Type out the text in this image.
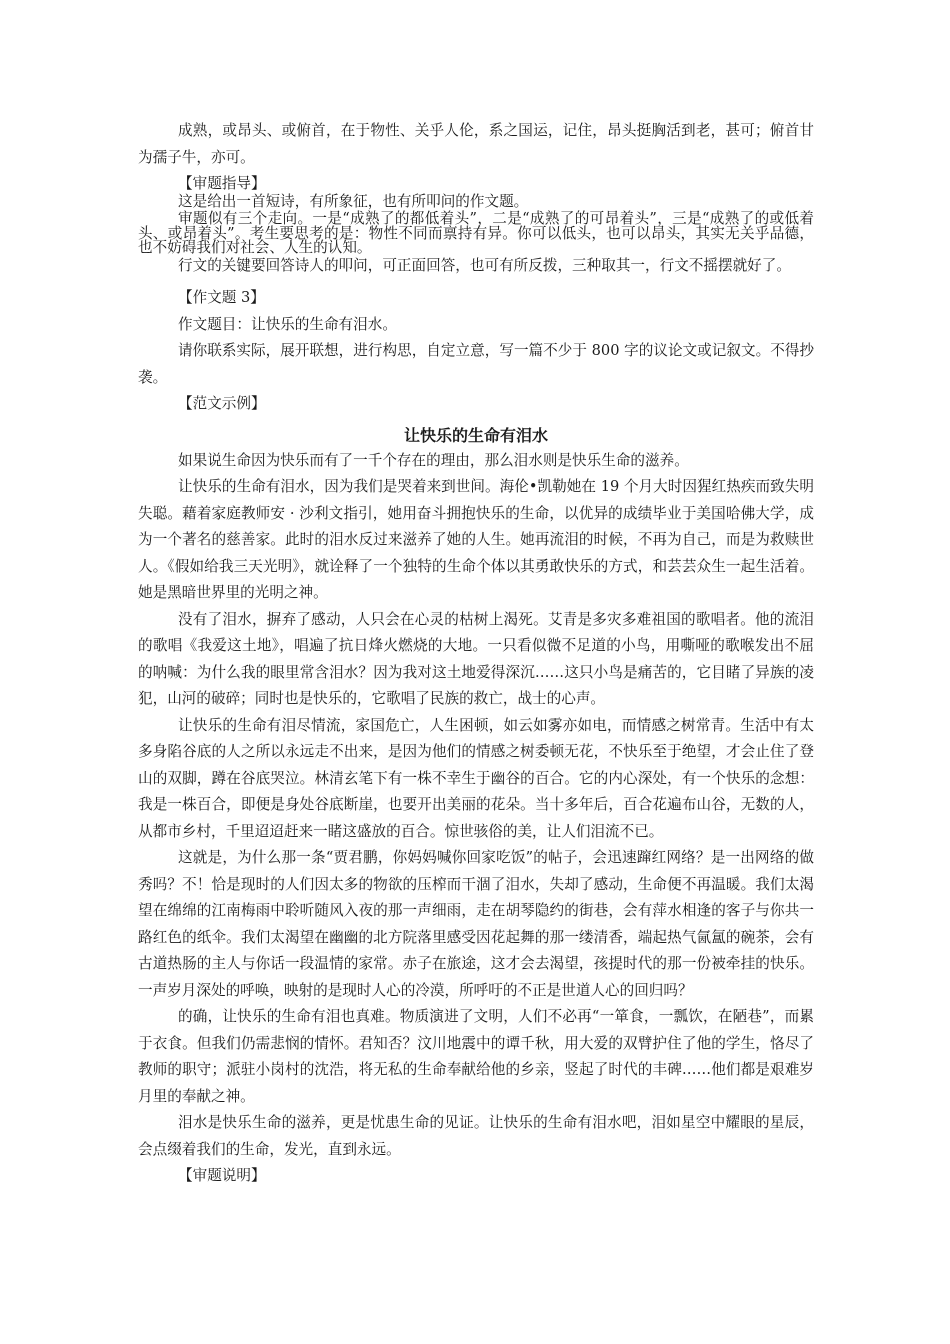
成熟，或昂头、或俯首，在于物性、关乎人伦，系之国运，记住，昂头挺胸活到老，甚可；俯首甘为孺子牛，亦可。

【审题指导】

这是给出一首短诗，有所象征，也有所叩问的作文题。

审题似有三个走向。一是“成熟了的都低着头”，二是“成熟了的可昂着头”，三是“成熟了的或低着头、或昂着头”。考生要思考的是：物性不同而禀持有异。你可以低头，也可以昂头，其实无关乎品德，也不妨碍我们对社会、人生的认知。

行文的关键要回答诗人的叩问，可正面回答，也可有所反拨，三种取其一，行文不摇摆就好了。

【作文题 3】

作文题目：让快乐的生命有泪水。

请你联系实际，展开联想，进行构思，自定立意，写一篇不少于 800 字的议论文或记叙文。不得抄袭。

【范文示例】

让快乐的生命有泪水

如果说生命因为快乐而有了一千个存在的理由，那么泪水则是快乐生命的滋养。

让快乐的生命有泪水，因为我们是哭着来到世间。海伦•凯勒她在 19 个月大时因猩红热疾而致失明失聪。藉着家庭教师安 · 沙利文指引，她用奋斗拥抱快乐的生命，以优异的成绩毕业于美国哈佛大学，成为一个著名的慈善家。此时的泪水反过来滋养了她的人生。她再流泪的时候，不再为自己，而是为救赎世人。《假如给我三天光明》，就诠释了一个独特的生命个体以其勇敢快乐的方式，和芸芸众生一起生活着。她是黑暗世界里的光明之神。

没有了泪水，摒弃了感动，人只会在心灵的枯树上渴死。艾青是多灾多难祖国的歌唱者。他的流泪的歌唱《我爱这土地》，唱遍了抗日烽火燃烧的大地。一只看似微不足道的小鸟，用嘶哑的歌喉发出不屈的呐喊：为什么我的眼里常含泪水？因为我对这土地爱得深沉……这只小鸟是痛苦的，它目睹了异族的凌犯，山河的破碎；同时也是快乐的，它歌唱了民族的救亡，战士的心声。

让快乐的生命有泪尽情流，家国危亡，人生困顿，如云如雾亦如电，而情感之树常青。生活中有太多身陷谷底的人之所以永远走不出来，是因为他们的情感之树委顿无花，不快乐至于绝望，才会止住了登山的双脚，蹲在谷底哭泣。林清玄笔下有一株不幸生于幽谷的百合。它的内心深处，有一个快乐的念想：我是一株百合，即便是身处谷底断崖，也要开出美丽的花朵。当十多年后，百合花遍布山谷，无数的人，从都市乡村，千里迢迢赶来一睹这盛放的百合。惊世骇俗的美，让人们泪流不已。

这就是，为什么那一条“贾君鹏，你妈妈喊你回家吃饭”的帖子，会迅速蹿红网络？是一出网络的做秀吗？不！恰是现时的人们因太多的物欲的压榨而干涸了泪水，失却了感动，生命便不再温暖。我们太渴望在绵绵的江南梅雨中聆听随风入夜的那一声细雨，走在胡琴隐约的街巷，会有萍水相逢的客子与你共一路红色的纸伞。我们太渴望在幽幽的北方院落里感受因花起舞的那一缕清香，端起热气氤氲的碗茶，会有古道热肠的主人与你话一段温情的家常。赤子在旅途，这才会去渴望，孩提时代的那一份被牵挂的快乐。一声岁月深处的呼唤，映射的是现时人心的冷漠，所呼吁的不正是世道人心的回归吗？

的确，让快乐的生命有泪也真难。物质演进了文明，人们不必再“一箪食，一瓢饮，在陋巷”，而累于衣食。但我们仍需悲悯的情怀。君知否？汶川地震中的谭千秋，用大爱的双臂护住了他的学生，恪尽了教师的职守；派驻小岗村的沈浩，将无私的生命奉献给他的乡亲，竖起了时代的丰碑……他们都是艰难岁月里的奉献之神。

泪水是快乐生命的滋养，更是忧患生命的见证。让快乐的生命有泪水吧，泪如星空中耀眼的星辰，会点缀着我们的生命，发光，直到永远。

【审题说明】
